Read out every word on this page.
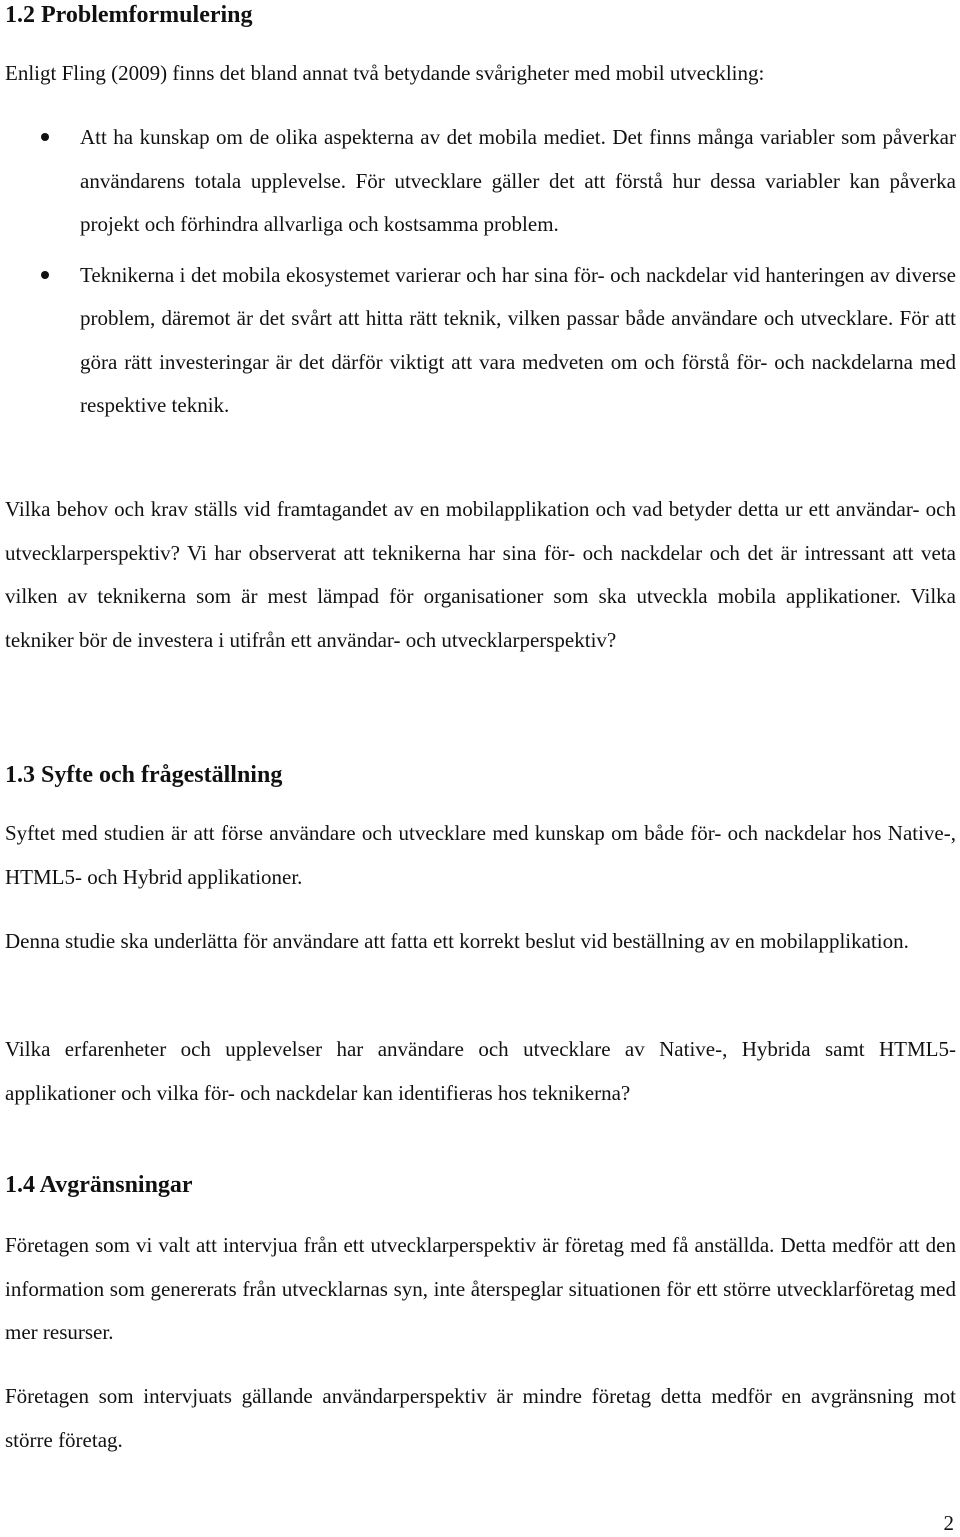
1.2 Problemformulering

Enligt Fling (2009) finns det bland annat två betydande svårigheter med mobil utveckling:

Att ha kunskap om de olika aspekterna av det mobila mediet. Det finns många variabler som påverkar användarens totala upplevelse. För utvecklare gäller det att förstå hur dessa variabler kan påverka projekt och förhindra allvarliga och kostsamma problem.

Teknikerna i det mobila ekosystemet varierar och har sina för- och nackdelar vid hanteringen av diverse problem, däremot är det svårt att hitta rätt teknik, vilken passar både användare och utvecklare. För att göra rätt investeringar är det därför viktigt att vara medveten om och förstå för- och nackdelarna med respektive teknik.

Vilka behov och krav ställs vid framtagandet av en mobilapplikation och vad betyder detta ur ett användar- och utvecklarperspektiv? Vi har observerat att teknikerna har sina för- och nackdelar och det är intressant att veta vilken av teknikerna som är mest lämpad för organisationer som ska utveckla mobila applikationer. Vilka tekniker bör de investera i utifrån ett användar- och utvecklarperspektiv?

1.3 Syfte och frågeställning

Syftet med studien är att förse användare och utvecklare med kunskap om både för- och nackdelar hos Native-, HTML5- och Hybrid applikationer.

Denna studie ska underlätta för användare att fatta ett korrekt beslut vid beställning av en mobilapplikation.

Vilka erfarenheter och upplevelser har användare och utvecklare av Native-, Hybrida samt HTML5-applikationer och vilka för- och nackdelar kan identifieras hos teknikerna?

1.4 Avgränsningar

Företagen som vi valt att intervjua från ett utvecklarperspektiv är företag med få anställda. Detta medför att den information som genererats från utvecklarnas syn, inte återspeglar situationen för ett större utvecklarföretag med mer resurser.

Företagen som intervjuats gällande användarperspektiv är mindre företag detta medför en avgränsning mot större företag.

2
